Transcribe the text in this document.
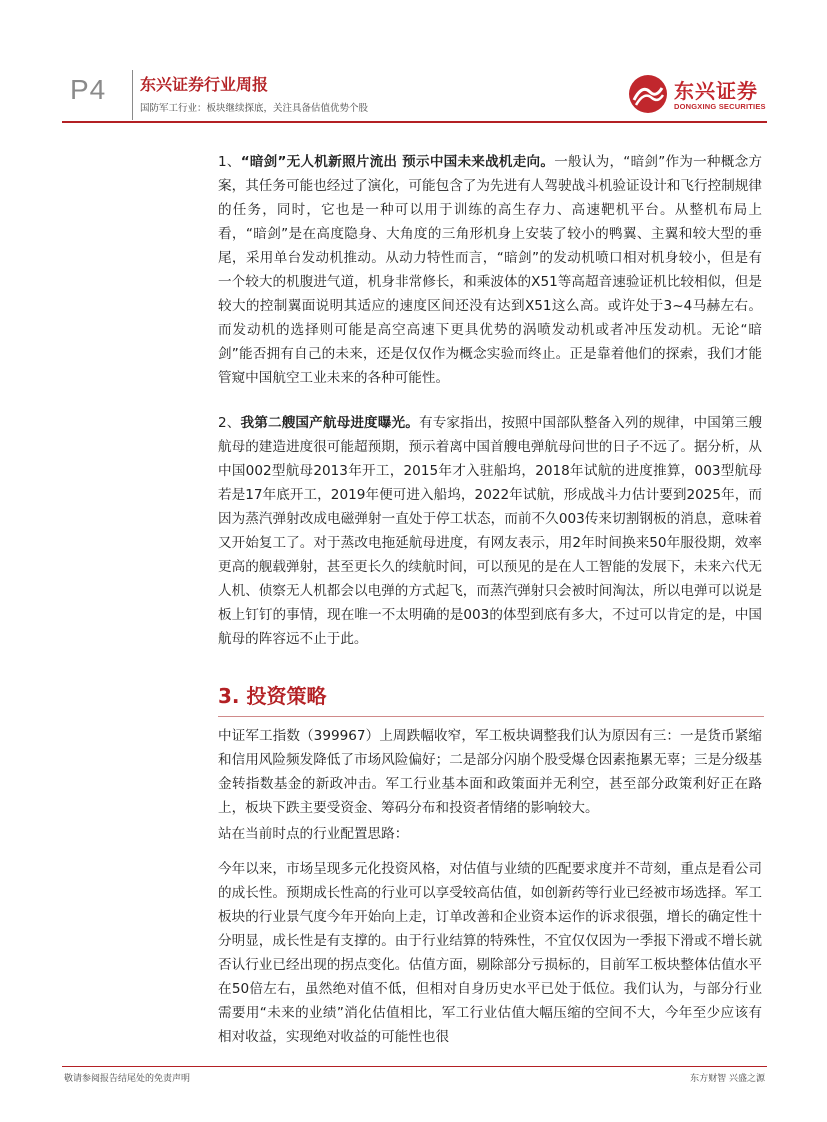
P4 东兴证券行业周报
国防军工行业：板块继续探底，关注具备估值优势个股
东兴证券
DONGXING SECURITIES

1、“暗剑”无人机新照片流出 预示中国未来战机走向。一般认为，“暗剑”作为一种概念方案，其任务可能也经过了演化，可能包含了为先进有人驾驶战斗机验证设计和飞行控制规律的任务，同时，它也是一种可以用于训练的高生存力、高速靶机平台。从整机布局上看，“暗剑”是在高度隐身、大角度的三角形机身上安装了较小的鸭翼、主翼和较大型的垂尾，采用单台发动机推动。从动力特性而言，“暗剑”的发动机喷口相对机身较小，但是有一个较大的机腹进气道，机身非常修长，和乘波体的X51等高超音速验证机比较相似，但是较大的控制翼面说明其适应的速度区间还没有达到X51这么高。或许处于3~4马赫左右。而发动机的选择则可能是高空高速下更具优势的涡喷发动机或者冲压发动机。无论“暗剑”能否拥有自己的未来，还是仅仅作为概念实验而终止。正是靠着他们的探索，我们才能管窥中国航空工业未来的各种可能性。

2、我第二艘国产航母进度曝光。有专家指出，按照中国部队整备入列的规律，中国第三艘航母的建造进度很可能超预期，预示着离中国首艘电弹航母问世的日子不远了。据分析，从中国002型航母2013年开工，2015年才入驻船坞，2018年试航的进度推算，003型航母若是17年底开工，2019年便可进入船坞，2022年试航，形成战斗力估计要到2025年，而因为蒸汽弹射改成电磁弹射一直处于停工状态，而前不久003传来切割钢板的消息，意味着又开始复工了。对于蒸改电拖延航母进度，有网友表示，用2年时间换来50年服役期，效率更高的舰载弹射，甚至更长久的续航时间，可以预见的是在人工智能的发展下，未来六代无人机、侦察无人机都会以电弹的方式起飞，而蒸汽弹射只会被时间淘汰，所以电弹可以说是板上钉钉的事情，现在唯一不太明确的是003的体型到底有多大，不过可以肯定的是，中国航母的阵容远不止于此。

3. 投资策略

中证军工指数（399967）上周跌幅收窄，军工板块调整我们认为原因有三：一是货币紧缩和信用风险频发降低了市场风险偏好；二是部分闪崩个股受爆仓因素拖累无辜；三是分级基金转指数基金的新政冲击。军工行业基本面和政策面并无利空，甚至部分政策利好正在路上，板块下跌主要受资金、筹码分布和投资者情绪的影响较大。

站在当前时点的行业配置思路：

今年以来，市场呈现多元化投资风格，对估值与业绩的匹配要求度并不苛刻，重点是看公司的成长性。预期成长性高的行业可以享受较高估值，如创新药等行业已经被市场选择。军工板块的行业景气度今年开始向上走，订单改善和企业资本运作的诉求很强，增长的确定性十分明显，成长性是有支撑的。由于行业结算的特殊性，不宜仅仅因为一季报下滑或不增长就否认行业已经出现的拐点变化。估值方面，剔除部分亏损标的，目前军工板块整体估值水平在50倍左右，虽然绝对值不低，但相对自身历史水平已处于低位。我们认为，与部分行业需要用“未来的业绩”消化估值相比，军工行业估值大幅压缩的空间不大，今年至少应该有相对收益，实现绝对收益的可能性也很

敬请参阅报告结尾处的免责声明	东方财智 兴盛之源
